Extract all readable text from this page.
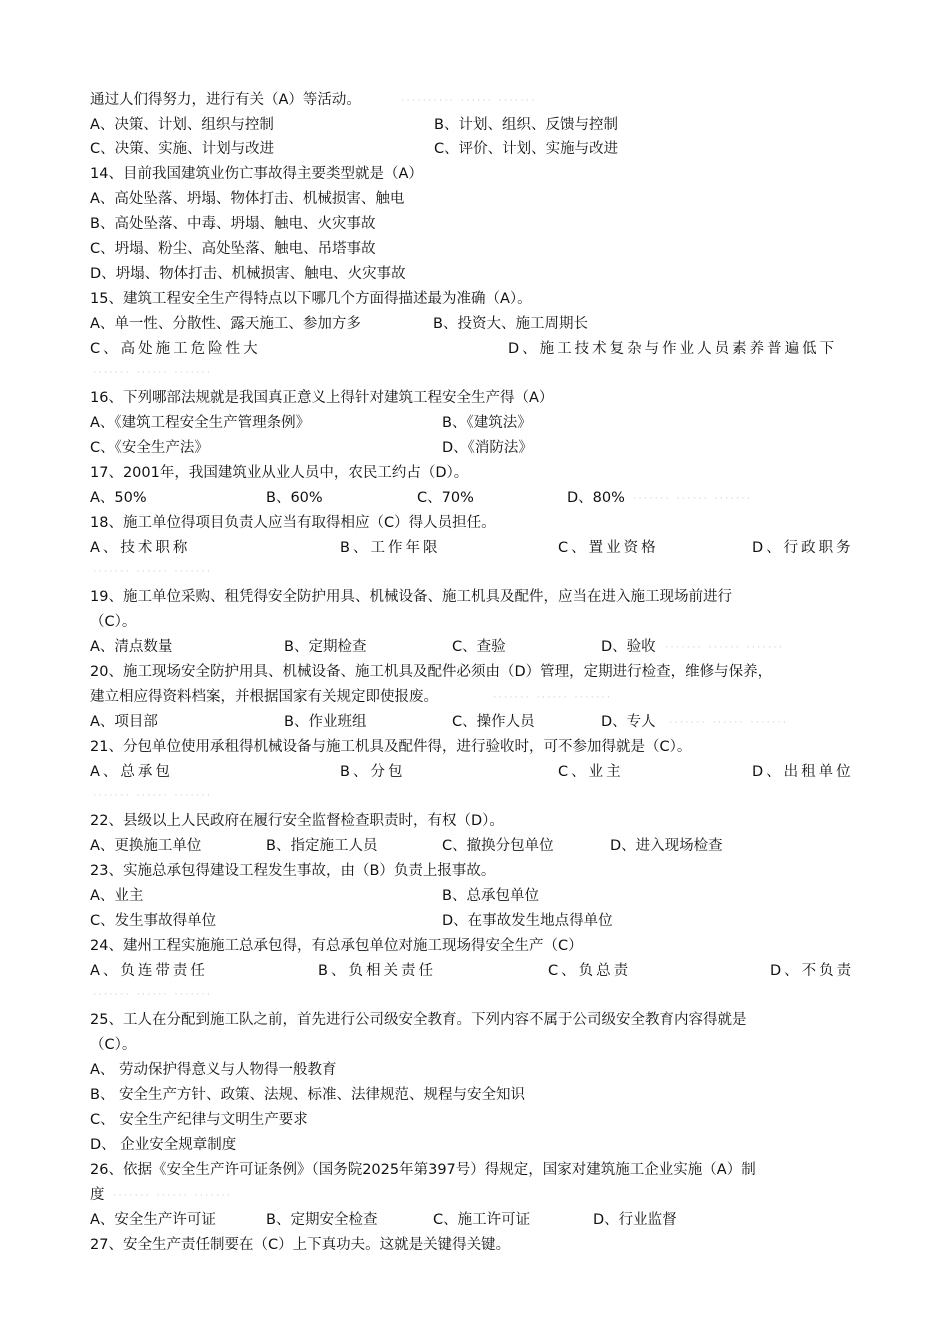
通过人们得努力，进行有关（A）等活动。	·········· ······ ·······
A、决策、计划、组织与控制	B、计划、组织、反馈与控制
C、决策、实施、计划与改进	C、评价、计划、实施与改进
14、目前我国建筑业伤亡事故得主要类型就是（A）
A、高处坠落、坍塌、物体打击、机械损害、触电
B、高处坠落、中毒、坍塌、触电、火灾事故
C、坍塌、粉尘、高处坠落、触电、吊塔事故
D、坍塌、物体打击、机械损害、触电、火灾事故
15、建筑工程安全生产得特点以下哪几个方面得描述最为准确（A）。
A、单一性、分散性、露天施工、参加方多	B、投资大、施工周期长
C、高处施工危险性大	D、施工技术复杂与作业人员素养普遍低下
······· ······ ·······
16、下列哪部法规就是我国真正意义上得针对建筑工程安全生产得（A）
A、《建筑工程安全生产管理条例》	B、《建筑法》
C、《安全生产法》	D、《消防法》
17、2001年，我国建筑业从业人员中，农民工约占（D）。
A、50%	B、60%	C、70%	D、80% ······· ······ ·······
18、施工单位得项目负责人应当有取得相应（C）得人员担任。
A、技术职称	B、工作年限	C、置业资格	D、行政职务
······· ······ ·······
19、施工单位采购、租凭得安全防护用具、机械设备、施工机具及配件，应当在进入施工现场前进行
（C）。
A、清点数量	B、定期检查	C、查验	D、验收 ······· ······ ·······
20、施工现场安全防护用具、机械设备、施工机具及配件必须由（D）管理，定期进行检查，维修与保养，
建立相应得资料档案，并根据国家有关规定即使报废。	······· ······ ·······
A、项目部	B、作业班组	C、操作人员	D、专人 ······· ······ ·······
21、分包单位使用承租得机械设备与施工机具及配件得，进行验收时，可不参加得就是（C）。
A、总承包	B、分包	C、业主	D、出租单位
······· ······ ·······
22、县级以上人民政府在履行安全监督检查职责时，有权（D）。
A、更换施工单位	B、指定施工人员	C、撤换分包单位	D、进入现场检查
23、实施总承包得建设工程发生事故，由（B）负责上报事故。
A、业主	B、总承包单位
C、发生事故得单位	D、在事故发生地点得单位
24、建州工程实施施工总承包得，有总承包单位对施工现场得安全生产（C）
A、负连带责任	B、负相关责任	C、负总责	D、不负责
······· ······ ·······
25、工人在分配到施工队之前，首先进行公司级安全教育。下列内容不属于公司级安全教育内容得就是
（C）。
A、 劳动保护得意义与人物得一般教育
B、 安全生产方针、政策、法规、标准、法律规范、规程与安全知识
C、 安全生产纪律与文明生产要求
D、 企业安全规章制度
26、依据《安全生产许可证条例》（国务院2025年第397号）得规定，国家对建筑施工企业实施（A）制
度 ······· ······ ·······
A、安全生产许可证	B、定期安全检查	C、施工许可证	D、行业监督
27、安全生产责任制要在（C）上下真功夫。这就是关键得关键。
